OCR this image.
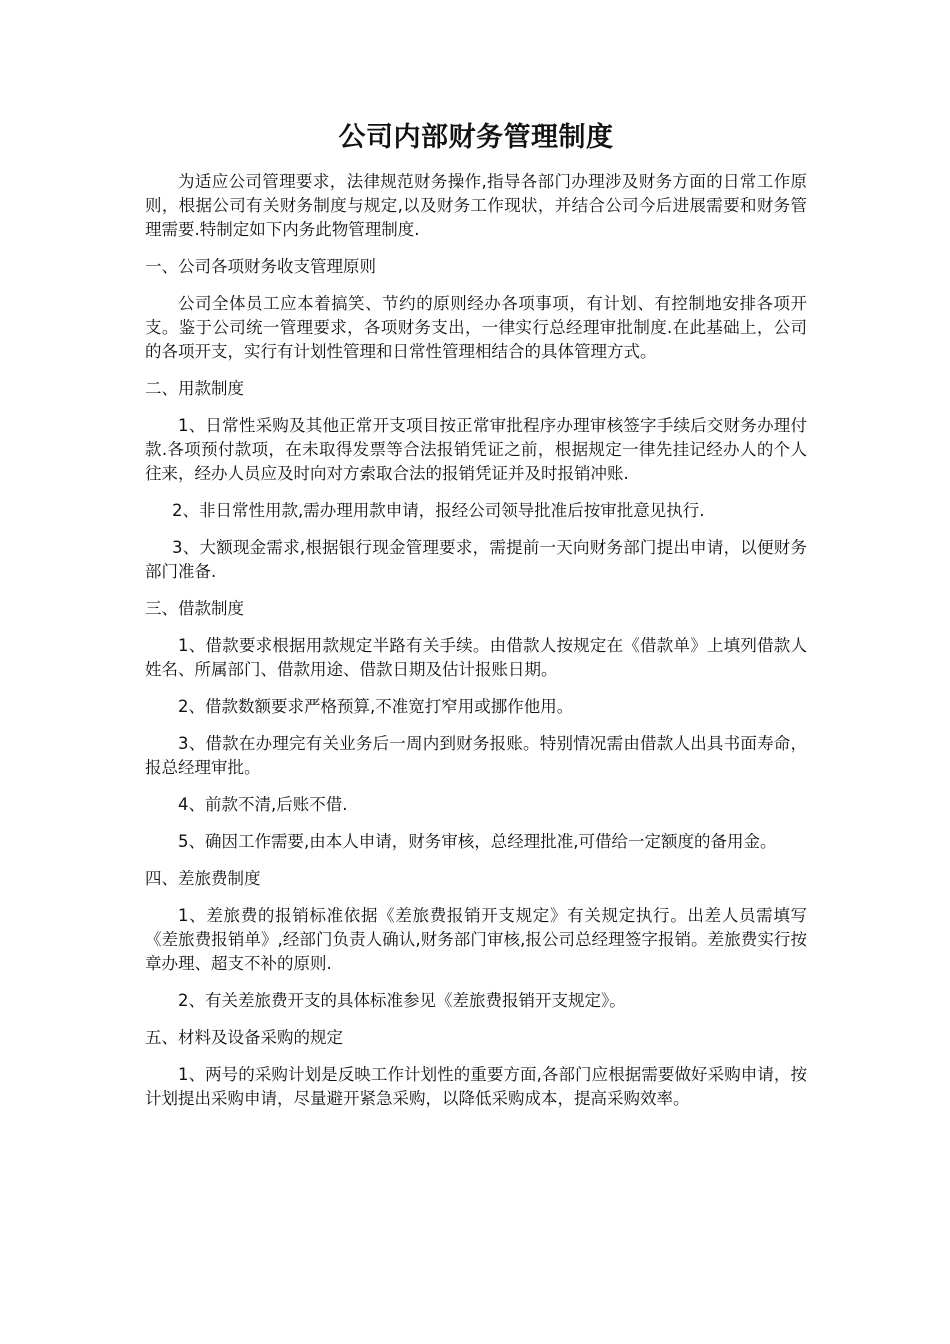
公司内部财务管理制度

为适应公司管理要求，法律规范财务操作,指导各部门办理涉及财务方面的日常工作原则，根据公司有关财务制度与规定,以及财务工作现状，并结合公司今后进展需要和财务管理需要.特制定如下内务此物管理制度.

一、公司各项财务收支管理原则

公司全体员工应本着搞笑、节约的原则经办各项事项，有计划、有控制地安排各项开支。鉴于公司统一管理要求，各项财务支出，一律实行总经理审批制度.在此基础上，公司的各项开支，实行有计划性管理和日常性管理相结合的具体管理方式。

二、用款制度

1、日常性采购及其他正常开支项目按正常审批程序办理审核签字手续后交财务办理付款.各项预付款项，在未取得发票等合法报销凭证之前，根据规定一律先挂记经办人的个人往来，经办人员应及时向对方索取合法的报销凭证并及时报销冲账.

2、非日常性用款,需办理用款申请，报经公司领导批准后按审批意见执行.

3、大额现金需求,根据银行现金管理要求，需提前一天向财务部门提出申请，以便财务部门准备.

三、借款制度

1、借款要求根据用款规定半路有关手续。由借款人按规定在《借款单》上填列借款人姓名、所属部门、借款用途、借款日期及估计报账日期。

2、借款数额要求严格预算,不准宽打窄用或挪作他用。

3、借款在办理完有关业务后一周内到财务报账。特别情况需由借款人出具书面寿命，报总经理审批。

4、前款不清,后账不借.

5、确因工作需要,由本人申请，财务审核，总经理批准,可借给一定额度的备用金。

四、差旅费制度

1、差旅费的报销标准依据《差旅费报销开支规定》有关规定执行。出差人员需填写《差旅费报销单》,经部门负责人确认,财务部门审核,报公司总经理签字报销。差旅费实行按章办理、超支不补的原则.

2、有关差旅费开支的具体标准参见《差旅费报销开支规定》。

五、材料及设备采购的规定

1、两号的采购计划是反映工作计划性的重要方面,各部门应根据需要做好采购申请，按计划提出采购申请，尽量避开紧急采购，以降低采购成本，提高采购效率。
